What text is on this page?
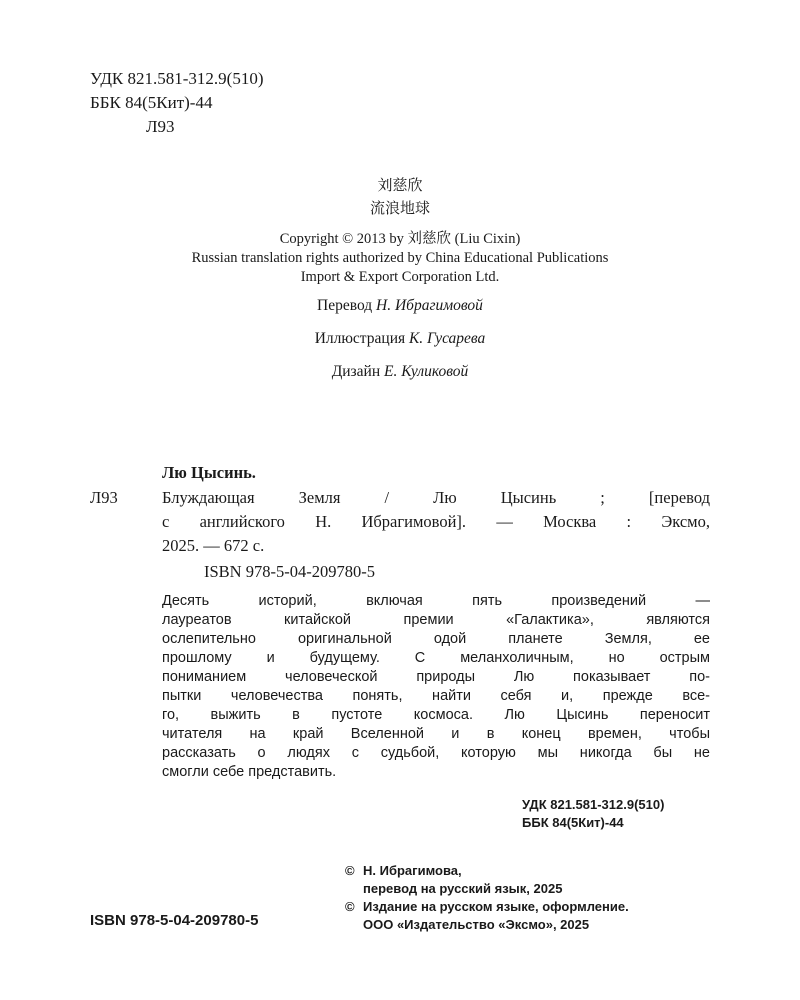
УДК 821.581-312.9(510)
ББК 84(5Кит)-44
Л93
刘慈欣
流浪地球
Copyright © 2013 by 刘慈欣 (Liu Cixin)
Russian translation rights authorized by China Educational Publications
Import & Export Corporation Ltd.
Перевод Н. Ибрагимовой
Иллюстрация К. Гусарева
Дизайн Е. Куликовой
Лю Цысинь.
Л93	Блуждающая Земля / Лю Цысинь ; [перевод
с английского Н. Ибрагимовой]. — Москва : Эксмо,
2025. — 672 с.
ISBN 978-5-04-209780-5
Десять историй, включая пять произведений —
лауреатов китайской премии «Галактика», являются
ослепительно оригинальной одой планете Земля, ее
прошлому и будущему. С меланхоличным, но острым
пониманием человеческой природы Лю показывает по-
пытки человечества понять, найти себя и, прежде все-
го, выжить в пустоте космоса. Лю Цысинь переносит
читателя на край Вселенной и в конец времен, чтобы
рассказать о людях с судьбой, которую мы никогда бы не
смогли себе представить.
УДК 821.581-312.9(510)
ББК 84(5Кит)-44
© Н. Ибрагимова,
перевод на русский язык, 2025
© Издание на русском языке, оформление.
ООО «Издательство «Эксмо», 2025
ISBN 978-5-04-209780-5
